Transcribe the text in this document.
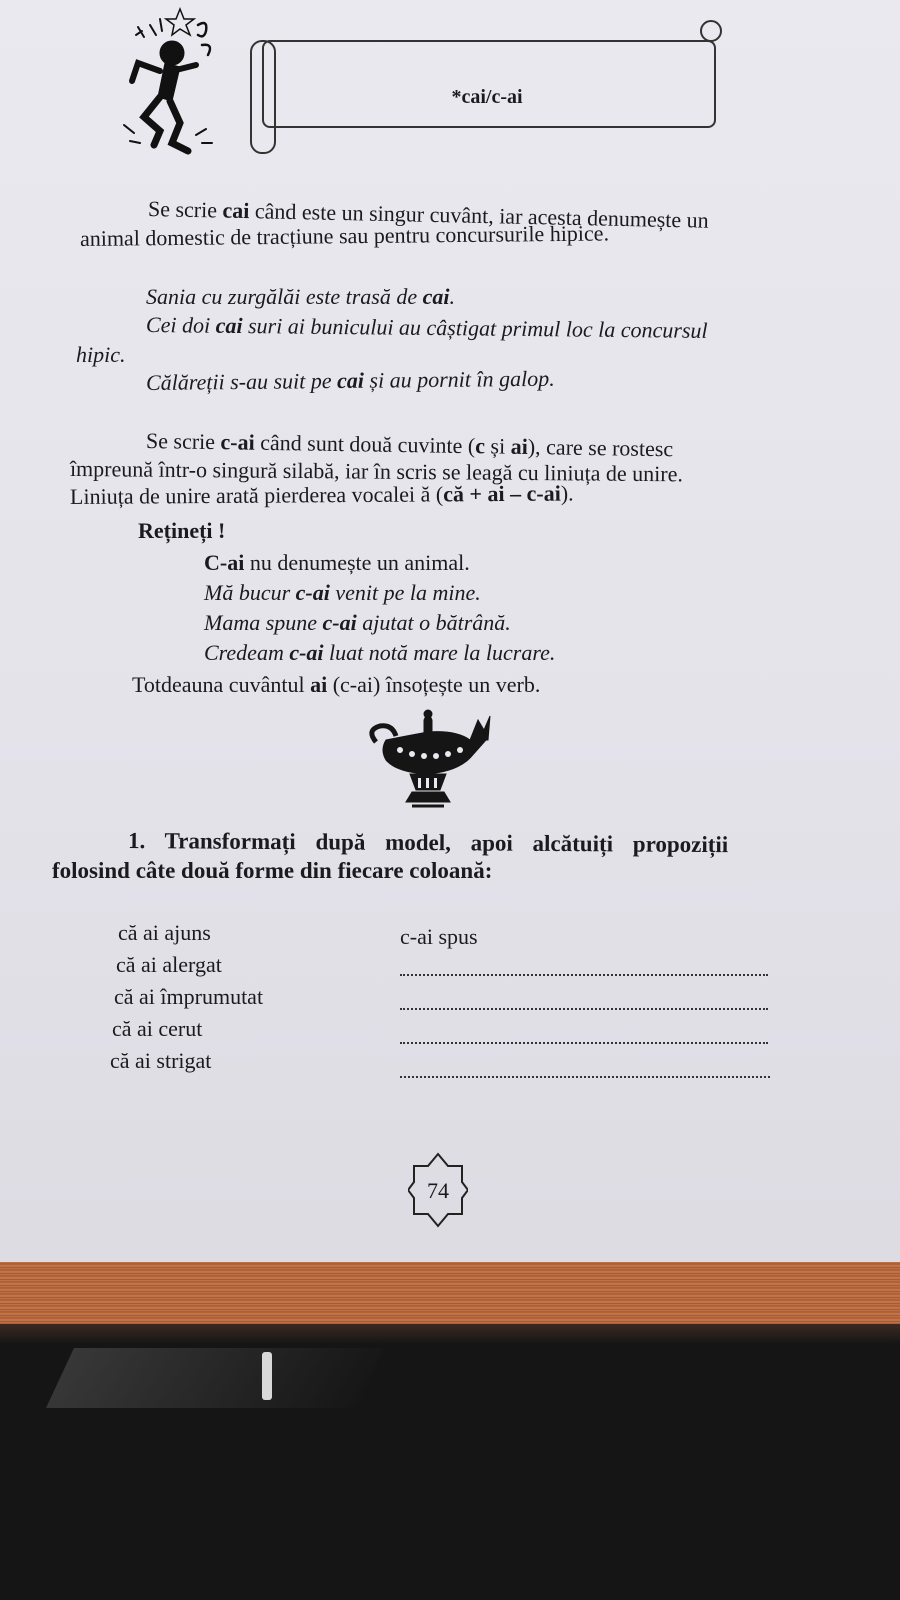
*cai/c-ai
Se scrie cai când este un singur cuvânt, iar acesta denumește un
animal domestic de tracțiune sau pentru concursurile hipice.
Sania cu zurgălăi este trasă de cai.
Cei doi cai suri ai bunicului au câștigat primul loc la concursul
hipic.
Călăreții s-au suit pe cai și au pornit în galop.
Se scrie c-ai când sunt două cuvinte (c și ai), care se rostesc
împreună într-o singură silabă, iar în scris se leagă cu liniuța de unire.
Liniuța de unire arată pierderea vocalei ă (că + ai – c-ai).
Rețineți !
C-ai nu denumește un animal.
Mă bucur c-ai venit pe la mine.
Mama spune c-ai ajutat o bătrână.
Credeam c-ai luat notă mare la lucrare.
Totdeauna cuvântul ai (c-ai) însoțește un verb.
1. Transformați după model, apoi alcătuiți propoziții
folosind câte două forme din fiecare coloană:
că ai ajuns
că ai alergat
că ai împrumutat
că ai cerut
că ai strigat
c-ai spus
74
